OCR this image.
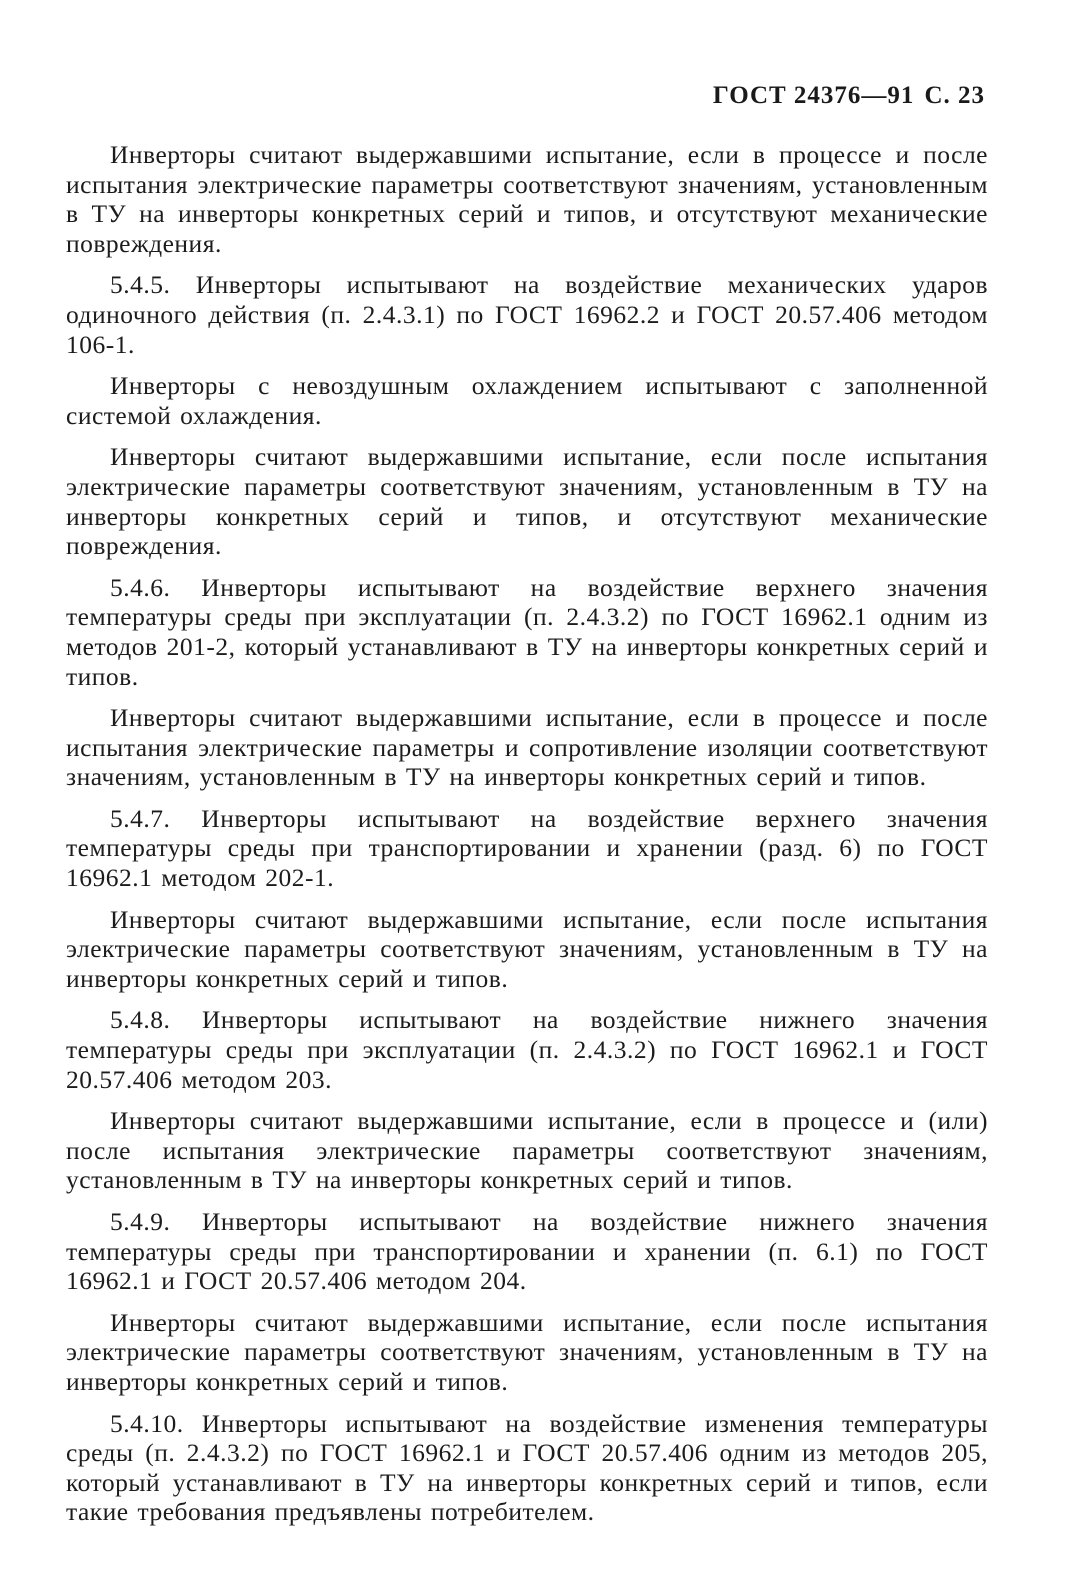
ГОСТ 24376—91 С. 23

Инверторы считают выдержавшими испытание, если в процессе и после испытания электрические параметры соответствуют значениям, установленным в ТУ на инверторы конкретных серий и типов, и отсутствуют механические повреждения.

5.4.5. Инверторы испытывают на воздействие механических ударов одиночного действия (п. 2.4.3.1) по ГОСТ 16962.2 и ГОСТ 20.57.406 методом 106-1.

Инверторы с невоздушным охлаждением испытывают с заполненной системой охлаждения.

Инверторы считают выдержавшими испытание, если после испытания электрические параметры соответствуют значениям, установленным в ТУ на инверторы конкретных серий и типов, и отсутствуют механические повреждения.

5.4.6. Инверторы испытывают на воздействие верхнего значения температуры среды при эксплуатации (п. 2.4.3.2) по ГОСТ 16962.1 одним из методов 201-2, который устанавливают в ТУ на инверторы конкретных серий и типов.

Инверторы считают выдержавшими испытание, если в процессе и после испытания электрические параметры и сопротивление изоляции соответствуют значениям, установленным в ТУ на инверторы конкретных серий и типов.

5.4.7. Инверторы испытывают на воздействие верхнего значения температуры среды при транспортировании и хранении (разд. 6) по ГОСТ 16962.1 методом 202-1.

Инверторы считают выдержавшими испытание, если после испытания электрические параметры соответствуют значениям, установленным в ТУ на инверторы конкретных серий и типов.

5.4.8. Инверторы испытывают на воздействие нижнего значения температуры среды при эксплуатации (п. 2.4.3.2) по ГОСТ 16962.1 и ГОСТ 20.57.406 методом 203.

Инверторы считают выдержавшими испытание, если в процессе и (или) после испытания электрические параметры соответствуют значениям, установленным в ТУ на инверторы конкретных серий и типов.

5.4.9. Инверторы испытывают на воздействие нижнего значения температуры среды при транспортировании и хранении (п. 6.1) по ГОСТ 16962.1 и ГОСТ 20.57.406 методом 204.

Инверторы считают выдержавшими испытание, если после испытания электрические параметры соответствуют значениям, установленным в ТУ на инверторы конкретных серий и типов.

5.4.10. Инверторы испытывают на воздействие изменения температуры среды (п. 2.4.3.2) по ГОСТ 16962.1 и ГОСТ 20.57.406 одним из методов 205, который устанавливают в ТУ на инверторы конкретных серий и типов, если такие требования предъявлены потребителем.
